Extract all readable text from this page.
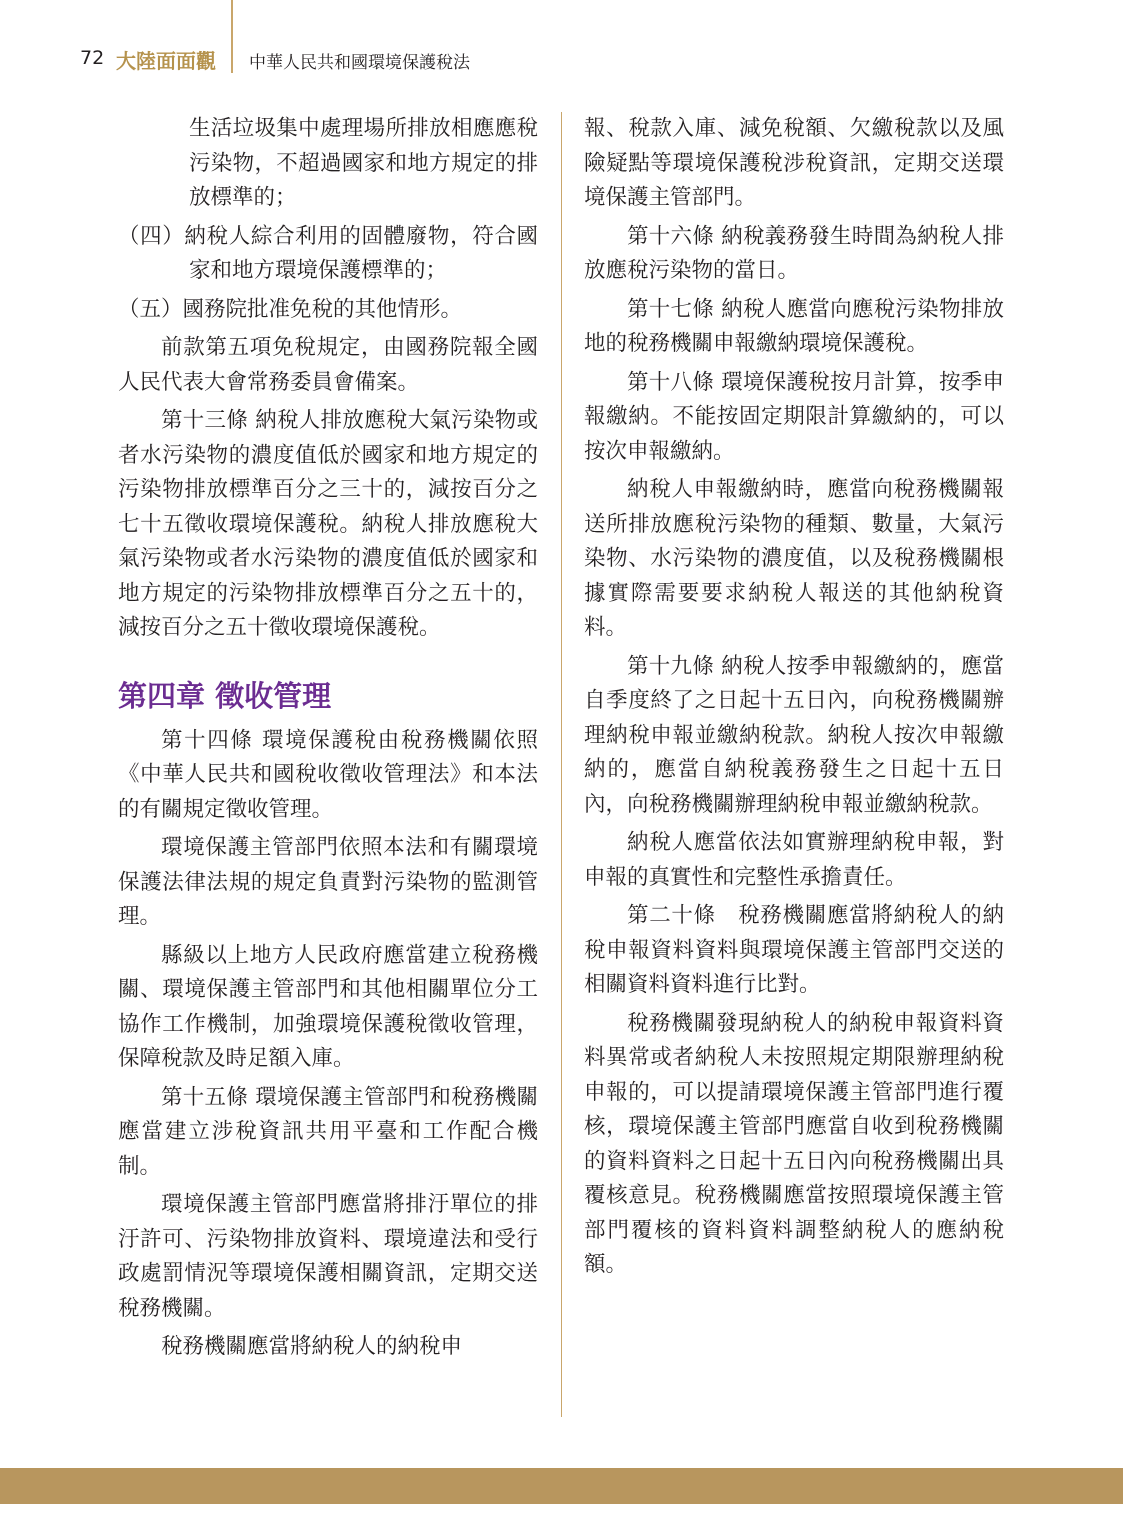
72 大陸面面觀 中華人民共和國環境保護稅法

生活垃圾集中處理場所排放相應應稅污染物，不超過國家和地方規定的排放標準的；

（四）納稅人綜合利用的固體廢物，符合國家和地方環境保護標準的；

（五）國務院批准免稅的其他情形。

前款第五項免稅規定，由國務院報全國人民代表大會常務委員會備案。

第十三條 納稅人排放應稅大氣污染物或者水污染物的濃度值低於國家和地方規定的污染物排放標準百分之三十的，減按百分之七十五徵收環境保護稅。納稅人排放應稅大氣污染物或者水污染物的濃度值低於國家和地方規定的污染物排放標準百分之五十的，減按百分之五十徵收環境保護稅。

第四章 徵收管理

第十四條 環境保護稅由稅務機關依照《中華人民共和國稅收徵收管理法》和本法的有關規定徵收管理。

環境保護主管部門依照本法和有關環境保護法律法規的規定負責對污染物的監測管理。

縣級以上地方人民政府應當建立稅務機關、環境保護主管部門和其他相關單位分工協作工作機制，加強環境保護稅徵收管理，保障稅款及時足額入庫。

第十五條 環境保護主管部門和稅務機關應當建立涉稅資訊共用平臺和工作配合機制。

環境保護主管部門應當將排汙單位的排汙許可、污染物排放資料、環境違法和受行政處罰情況等環境保護相關資訊，定期交送稅務機關。

稅務機關應當將納稅人的納稅申

報、稅款入庫、減免稅額、欠繳稅款以及風險疑點等環境保護稅涉稅資訊，定期交送環境保護主管部門。

第十六條 納稅義務發生時間為納稅人排放應稅污染物的當日。

第十七條 納稅人應當向應稅污染物排放地的稅務機關申報繳納環境保護稅。

第十八條 環境保護稅按月計算，按季申報繳納。不能按固定期限計算繳納的，可以按次申報繳納。

納稅人申報繳納時，應當向稅務機關報送所排放應稅污染物的種類、數量，大氣污染物、水污染物的濃度值，以及稅務機關根據實際需要要求納稅人報送的其他納稅資料。

第十九條 納稅人按季申報繳納的，應當自季度終了之日起十五日內，向稅務機關辦理納稅申報並繳納稅款。納稅人按次申報繳納的，應當自納稅義務發生之日起十五日內，向稅務機關辦理納稅申報並繳納稅款。

納稅人應當依法如實辦理納稅申報，對申報的真實性和完整性承擔責任。

第二十條　稅務機關應當將納稅人的納稅申報資料資料與環境保護主管部門交送的相關資料資料進行比對。

稅務機關發現納稅人的納稅申報資料資料異常或者納稅人未按照規定期限辦理納稅申報的，可以提請環境保護主管部門進行覆核，環境保護主管部門應當自收到稅務機關的資料資料之日起十五日內向稅務機關出具覆核意見。稅務機關應當按照環境保護主管部門覆核的資料資料調整納稅人的應納稅額。
